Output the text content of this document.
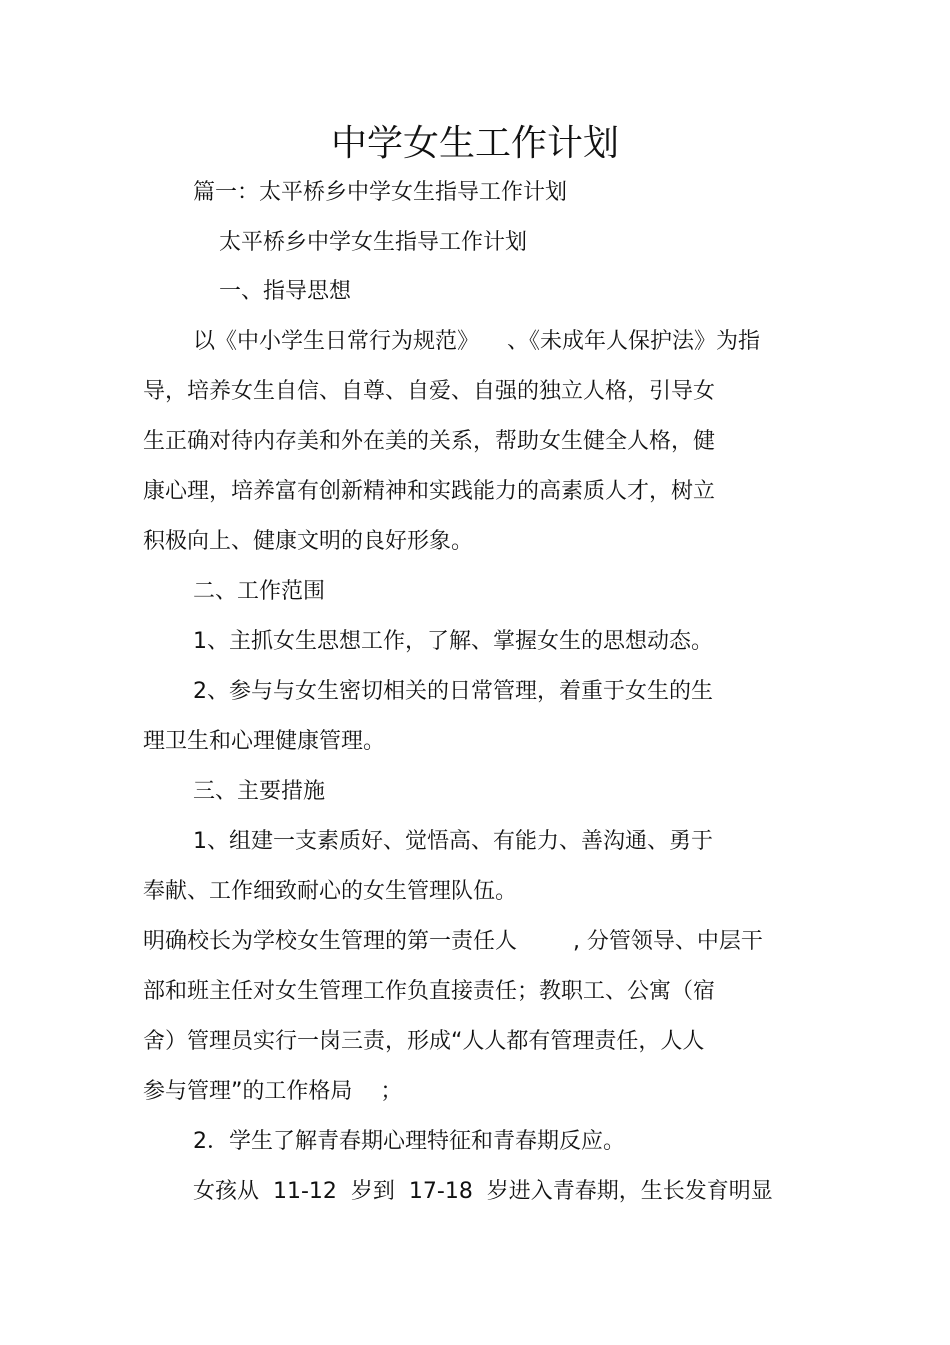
中学女生工作计划

篇一：太平桥乡中学女生指导工作计划

太平桥乡中学女生指导工作计划

一、指导思想

以《中小学生日常行为规范》    、《未成年人保护法》为指

导，培养女生自信、自尊、自爱、自强的独立人格，引导女

生正确对待内存美和外在美的关系，帮助女生健全人格，健

康心理，培养富有创新精神和实践能力的高素质人才，树立

积极向上、健康文明的良好形象。

二、工作范围

1、主抓女生思想工作，了解、掌握女生的思想动态。

2、参与与女生密切相关的日常管理，着重于女生的生

理卫生和心理健康管理。

三、主要措施

1、组建一支素质好、觉悟高、有能力、善沟通、勇于

奉献、工作细致耐心的女生管理队伍。

明确校长为学校女生管理的第一责任人        , 分管领导、中层干

部和班主任对女生管理工作负直接责任；教职工、公寓（宿

舍）管理员实行一岗三责，形成“人人都有管理责任，人人

参与管理”的工作格局    ；

2．学生了解青春期心理特征和青春期反应。

女孩从  11-12  岁到  17-18  岁进入青春期，生长发育明显
